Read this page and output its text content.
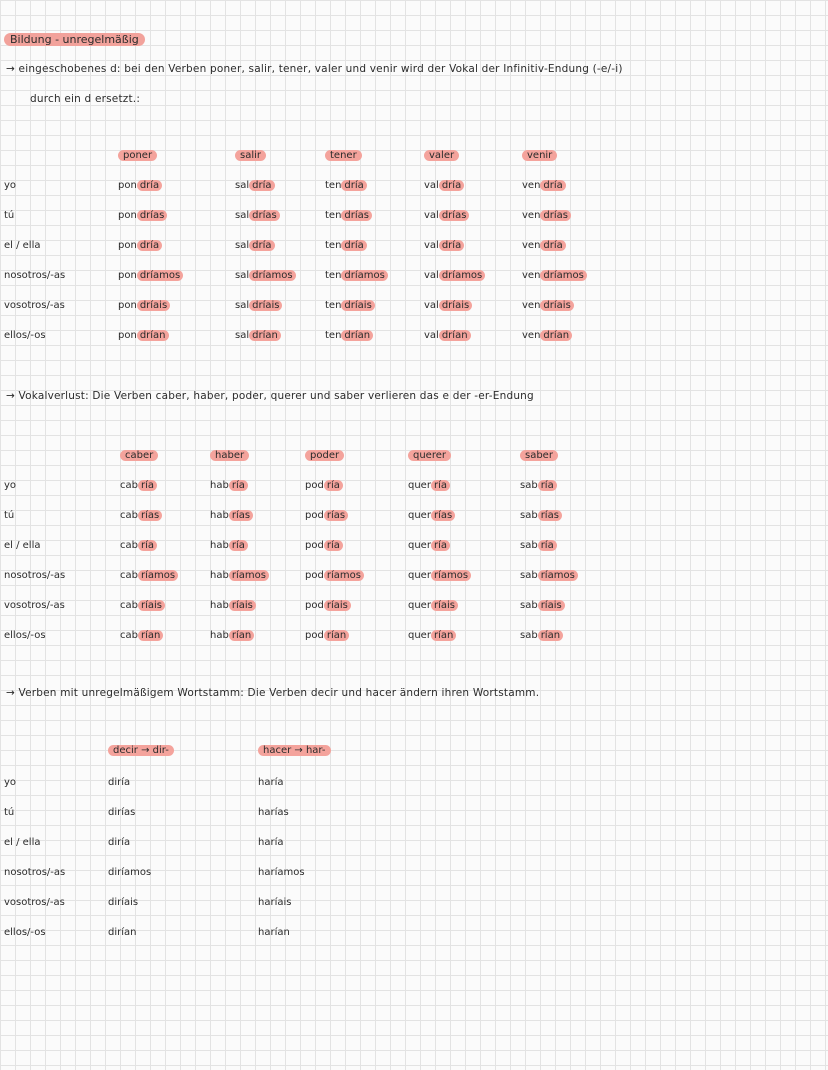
Bildung - unregelmäßig
→ eingeschobenes d: bei den Verben poner, salir, tener, valer und venir wird der Vokal der Infinitiv-Endung (-e/-i)
durch ein d ersetzt.:
yo
tú
el / ella
nosotros/-as
vosotros/-as
ellos/-os
poner
pon dría
pon drías
pon dría
pon dríamos
pon dríais
pon drían
salir
sal dría
sal drías
sal dría
sal dríamos
sal dríais
sal drían
tener
ten dría
ten drías
ten dría
ten dríamos
ten dríais
ten drían
valer
val dría
val drías
val dría
val dríamos
val dríais
val drían
venir
ven dría
ven drías
ven dría
ven dríamos
ven dríais
ven drían
→ Vokalverlust: Die Verben caber, haber, poder, querer und saber verlieren das e der -er-Endung
yo
tú
el / ella
nosotros/-as
vosotros/-as
ellos/-os
caber
cab ría
cab rías
cab ría
cab ríamos
cab ríais
cab rían
haber
hab ría
hab rías
hab ría
hab ríamos
hab ríais
hab rían
poder
pod ría
pod rías
pod ría
pod ríamos
pod ríais
pod rían
querer
quer ría
quer rías
quer ría
quer ríamos
quer ríais
quer rían
saber
sab ría
sab rías
sab ría
sab ríamos
sab ríais
sab rían
→ Verben mit unregelmäßigem Wortstamm: Die Verben decir und hacer ändern ihren Wortstamm.
yo
tú
el / ella
nosotros/-as
vosotros/-as
ellos/-os
decir → dir-
diría
dirías
diría
diríamos
diríais
dirían
hacer → har-
haría
harías
haría
haríamos
haríais
harían
